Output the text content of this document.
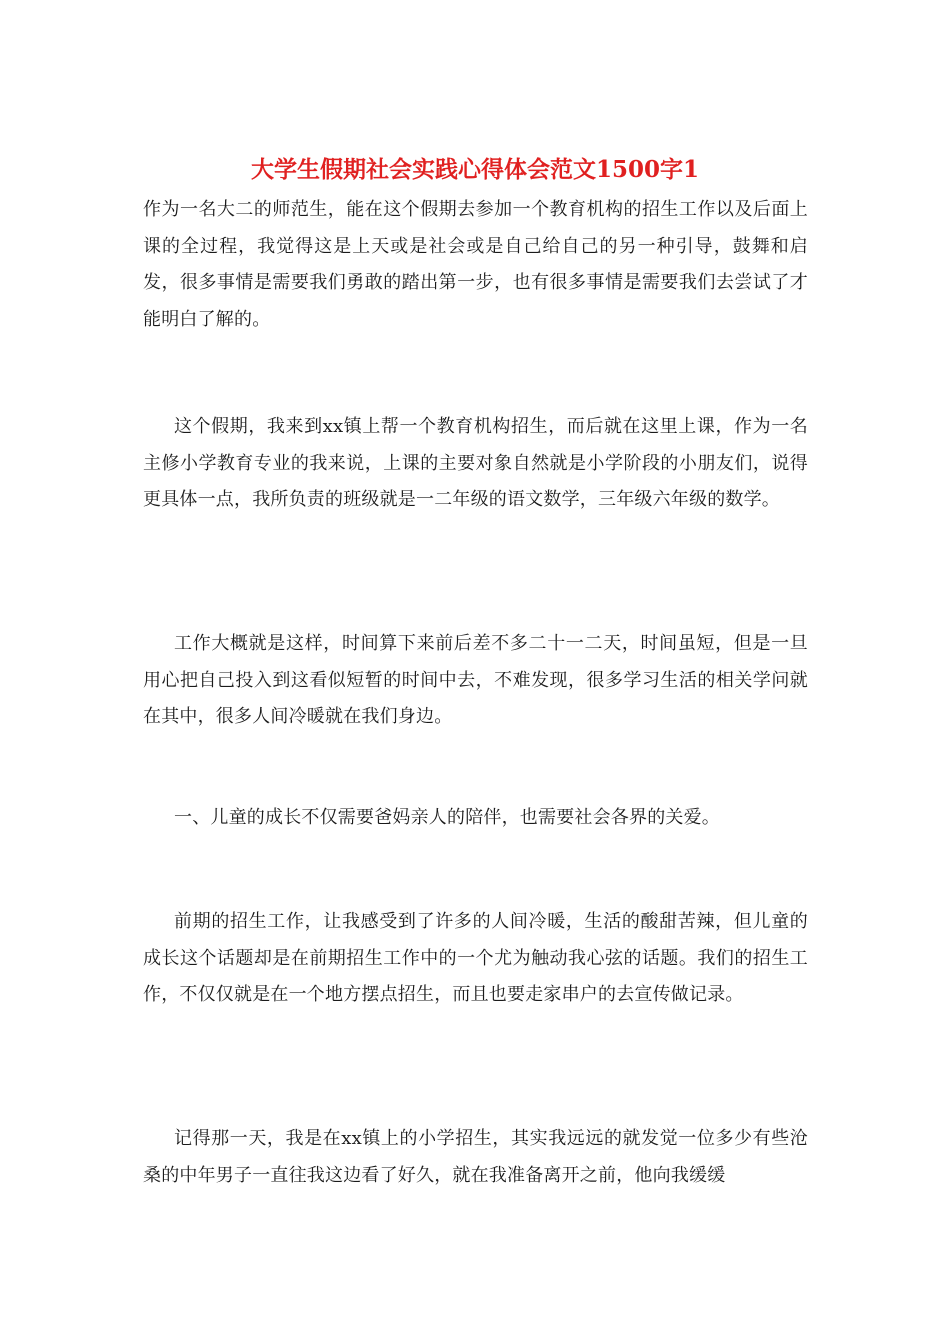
大学生假期社会实践心得体会范文1500字1

作为一名大二的师范生，能在这个假期去参加一个教育机构的招生工作以及后面上课的全过程，我觉得这是上天或是社会或是自己给自己的另一种引导，鼓舞和启发，很多事情是需要我们勇敢的踏出第一步，也有很多事情是需要我们去尝试了才能明白了解的。

这个假期，我来到xx镇上帮一个教育机构招生，而后就在这里上课，作为一名主修小学教育专业的我来说，上课的主要对象自然就是小学阶段的小朋友们，说得更具体一点，我所负责的班级就是一二年级的语文数学，三年级六年级的数学。

工作大概就是这样，时间算下来前后差不多二十一二天，时间虽短，但是一旦用心把自己投入到这看似短暂的时间中去，不难发现，很多学习生活的相关学问就在其中，很多人间冷暖就在我们身边。

一、儿童的成长不仅需要爸妈亲人的陪伴，也需要社会各界的关爱。

前期的招生工作，让我感受到了许多的人间冷暖，生活的酸甜苦辣，但儿童的成长这个话题却是在前期招生工作中的一个尤为触动我心弦的话题。我们的招生工作，不仅仅就是在一个地方摆点招生，而且也要走家串户的去宣传做记录。

记得那一天，我是在xx镇上的小学招生，其实我远远的就发觉一位多少有些沧桑的中年男子一直往我这边看了好久，就在我准备离开之前，他向我缓缓
